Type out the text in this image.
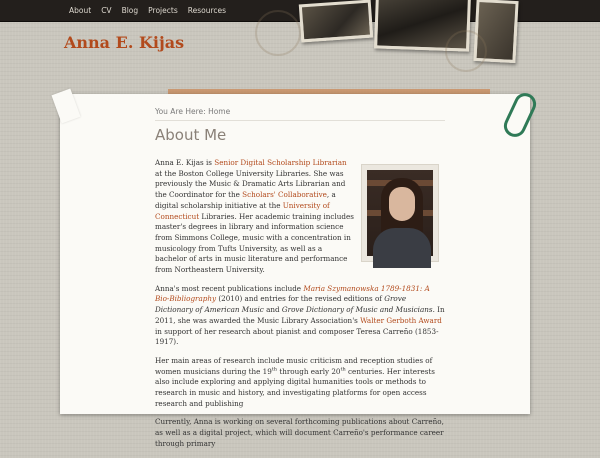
About	CV	Blog	Projects	Resources
Anna E. Kijas
You Are Here: Home
About Me

Anna E. Kijas is Senior Digital Scholarship Librarian at the Boston College University Libraries. She was previously the Music & Dramatic Arts Librarian and the Coordinator for the Scholars' Collaborative, a digital scholarship initiative at the University of Connecticut Libraries. Her academic training includes master's degrees in library and information science from Simmons College, music with a concentration in musicology from Tufts University, as well as a bachelor of arts in music literature and performance from Northeastern University.

Anna's most recent publications include Maria Szymanowska 1789-1831: A Bio-Bibliography (2010) and entries for the revised editions of Grove Dictionary of American Music and Grove Dictionary of Music and Musicians. In 2011, she was awarded the Music Library Association's Walter Gerboth Award in support of her research about pianist and composer Teresa Carreño (1853-1917).

Her main areas of research include music criticism and reception studies of women musicians during the 19th through early 20th centuries. Her interests also include exploring and applying digital humanities tools or methods to research in music and history, and investigating platforms for open access research and publishing

Currently, Anna is working on several forthcoming publications about Carreño, as well as a digital project, which will document Carreño's performance career through primary
